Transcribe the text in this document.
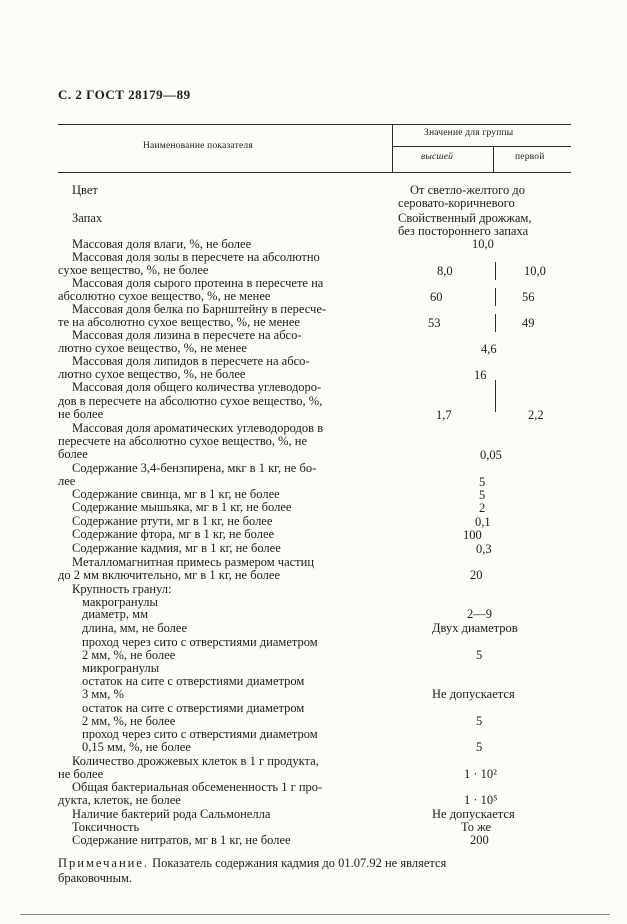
С. 2 ГОСТ 28179—89
Наименование показателя
Значение для группы
высшей	первой
Цвет	От светло-желтого до
серовато-коричневого
Запах	Свойственный дрожжам,
без постороннего запаха
Массовая доля влаги, %, не более	10,0
Массовая доля золы в пересчете на абсолютно
сухое вещество, %, не более	8,0	10,0
Массовая доля сырого протеина в пересчете на
абсолютно сухое вещество, %, не менее	60	56
Массовая доля белка по Барнштейну в пересче-
те на абсолютно сухое вещество, %, не менее	53	49
Массовая доля лизина в пересчете на абсо-
лютно сухое вещество, %, не менее	4,6
Массовая доля липидов в пересчете на абсо-
лютно сухое вещество, %, не более	16
Массовая доля общего количества углеводоро-
дов в пересчете на абсолютно сухое вещество, %,
не более	1,7	2,2
Массовая доля ароматических углеводородов в
пересчете на абсолютно сухое вещество, %, не
более	0,05
Содержание 3,4-бензпирена, мкг в 1 кг, не бо-
лее	5
Содержание свинца, мг в 1 кг, не более	5
Содержание мышьяка, мг в 1 кг, не более	2
Содержание ртути, мг в 1 кг, не более	0,1
Содержание фтора, мг в 1 кг, не более	100
Содержание кадмия, мг в 1 кг, не более	0,3
Металломагнитная примесь размером частиц
до 2 мм включительно, мг в 1 кг, не более	20
Крупность гранул:
макрогранулы
диаметр, мм	2—9
длина, мм, не более	Двух диаметров
проход через сито с отверстиями диаметром
2 мм, %, не более	5
микрогранулы
остаток на сите с отверстиями диаметром
3 мм, %	Не допускается
остаток на сите с отверстиями диаметром
2 мм, %, не более	5
проход через сито с отверстиями диаметром
0,15 мм, %, не более	5
Количество дрожжевых клеток в 1 г продукта,
не более	1 · 10²
Общая бактериальная обсемененность 1 г про-
дукта, клеток, не более	1 · 10⁵
Наличие бактерий рода Сальмонелла	Не допускается
Токсичность	То же
Содержание нитратов, мг в 1 кг, не более	200
Примечание. Показатель содержания кадмия до 01.07.92 не является
браковочным.
